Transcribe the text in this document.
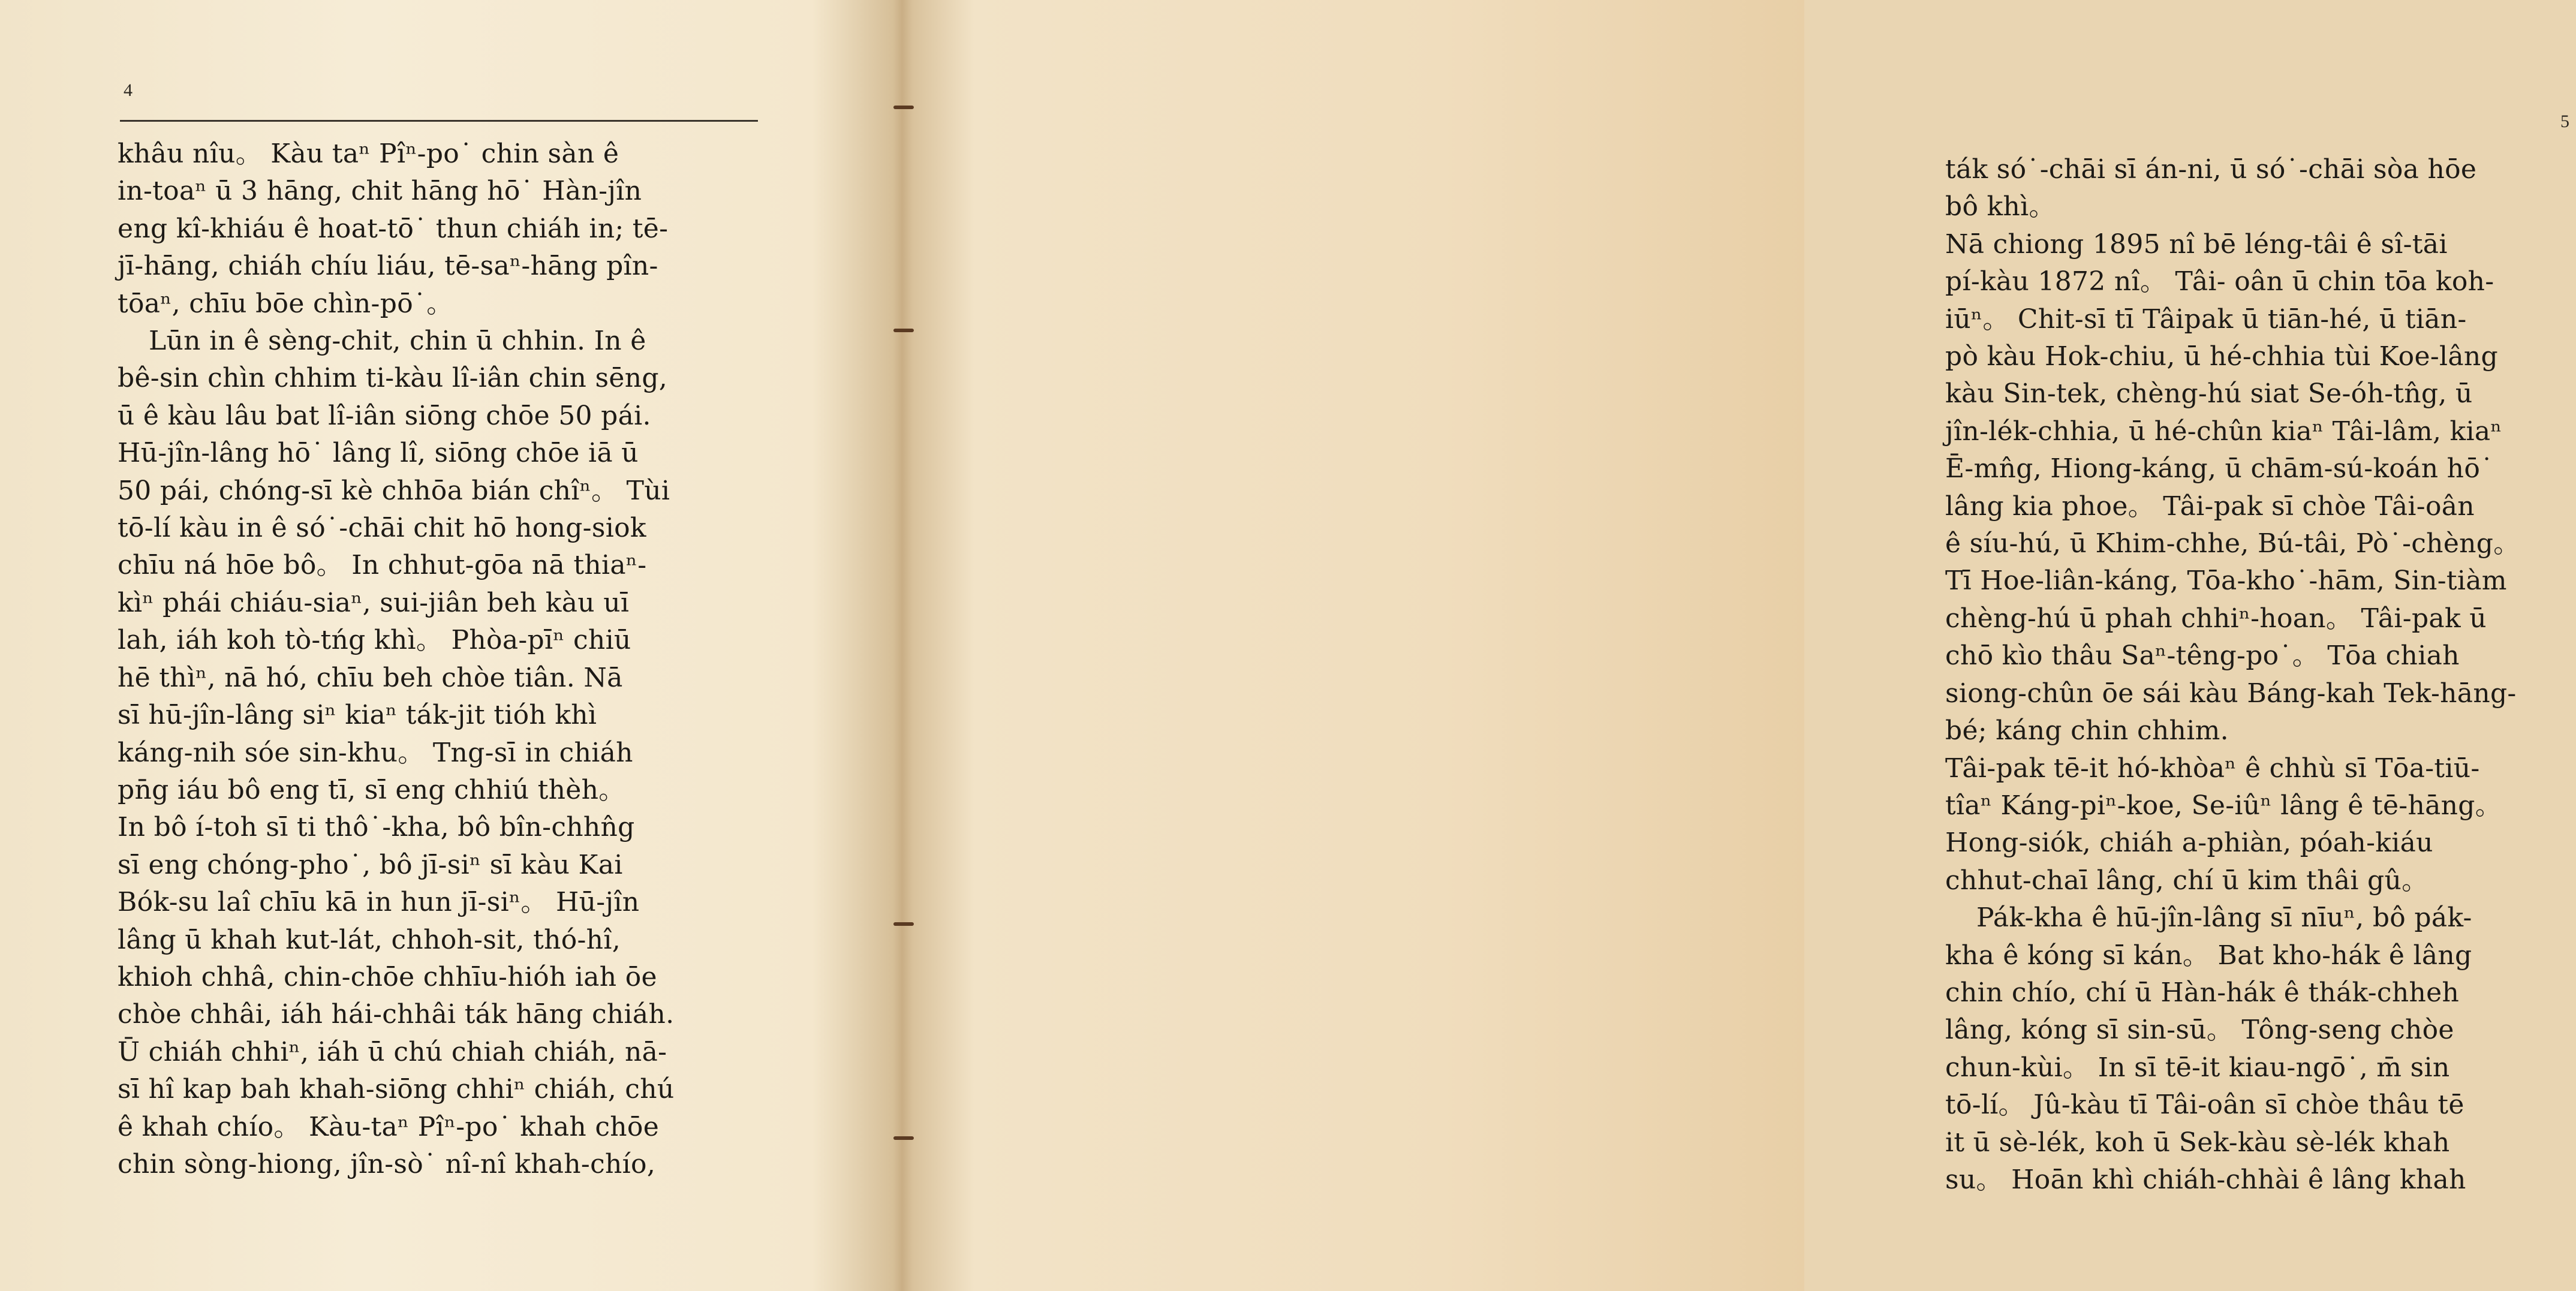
4
khâu nîu。 Kàu taⁿ Pîⁿ-po˙ chin sàn ê
in-toaⁿ ū 3 hāng, chit hāng hō˙ Hàn-jîn
eng kî-khiáu ê hoat-tō˙ thun chiáh in; tē-
jī-hāng, chiáh chíu liáu, tē-saⁿ-hāng pîn-
tōaⁿ, chīu bōe chìn-pō˙。
Lūn in ê sèng-chit, chin ū chhin. In ê
bê-sin chìn chhim ti-kàu lî-iân chin sēng,
ū ê kàu lâu bat lî-iân siōng chōe 50 pái.
Hū-jîn-lâng hō˙ lâng lî, siōng chōe iā ū
50 pái, chóng-sī kè chhōa bián chîⁿ。 Tùi
tō-lí kàu in ê só˙-chāi chit hō hong-siok
chīu ná hōe bô。 In chhut-gōa nā thiaⁿ-
kìⁿ phái chiáu-siaⁿ, sui-jiân beh kàu uī
lah, iáh koh tò-tńg khì。 Phòa-pīⁿ chiū
hē thìⁿ, nā hó, chīu beh chòe tiân. Nā
sī hū-jîn-lâng siⁿ kiaⁿ ták-jit tióh khì
káng-nih sóe sin-khu。 Tng-sī in chiáh
pn̄g iáu bô eng tī, sī eng chhiú thèh。
In bô í-toh sī ti thô˙-kha, bô bîn-chhn̂g
sī eng chóng-pho˙, bô jī-siⁿ sī kàu Kai
Bók-su laî chīu kā in hun jī-siⁿ。 Hū-jîn
lâng ū khah kut-lát, chhoh-sit, thó-hî,
khioh chhâ, chin-chōe chhīu-hióh iah ōe
chòe chhâi, iáh hái-chhâi ták hāng chiáh.
Ū chiáh chhiⁿ, iáh ū chú chiah chiáh, nā-
sī hî kap bah khah-siōng chhiⁿ chiáh, chú
ê khah chío。 Kàu-taⁿ Pîⁿ-po˙ khah chōe
chin sòng-hiong, jîn-sò˙ nî-nî khah-chío,
5
ták só˙-chāi sī án-ni, ū só˙-chāi sòa hōe
bô khì。
Nā chiong 1895 nî bē léng-tâi ê sî-tāi
pí-kàu 1872 nî。 Tâi- oân ū chin tōa koh-
iūⁿ。 Chit-sī tī Tâipak ū tiān-hé, ū tiān-
pò kàu Hok-chiu, ū hé-chhia tùi Koe-lâng
kàu Sin-tek, chèng-hú siat Se-óh-tn̂g, ū
jîn-lék-chhia, ū hé-chûn kiaⁿ Tâi-lâm, kiaⁿ
Ē-mn̂g, Hiong-káng, ū chām-sú-koán hō˙
lâng kia phoe。 Tâi-pak sī chòe Tâi-oân
ê síu-hú, ū Khim-chhe, Bú-tâi, Pò˙-chèng。
Tī Hoe-liân-káng, Tōa-kho˙-hām, Sin-tiàm
chèng-hú ū phah chhiⁿ-hoan。 Tâi-pak ū
chō kìo thâu Saⁿ-têng-po˙。 Tōa chiah
siong-chûn ōe sái kàu Báng-kah Tek-hāng-
bé; káng chin chhim.
Tâi-pak tē-it hó-khòaⁿ ê chhù sī Tōa-tiū-
tîaⁿ Káng-piⁿ-koe, Se-iûⁿ lâng ê tē-hāng。
Hong-siók, chiáh a-phiàn, póah-kiáu
chhut-chaī lâng, chí ū kim thâi gû。
Pák-kha ê hū-jîn-lâng sī nīuⁿ, bô pák-
kha ê kóng sī kán。 Bat kho-hák ê lâng
chin chío, chí ū Hàn-hák ê thák-chheh
lâng, kóng sī sin-sū。 Tông-seng chòe
chun-kùi。 In sī tē-it kiau-ngō˙, m̄ sin
tō-lí。 Jû-kàu tī Tâi-oân sī chòe thâu tē
it ū sè-lék, koh ū Sek-kàu sè-lék khah
su。 Hoān khì chiáh-chhài ê lâng khah
